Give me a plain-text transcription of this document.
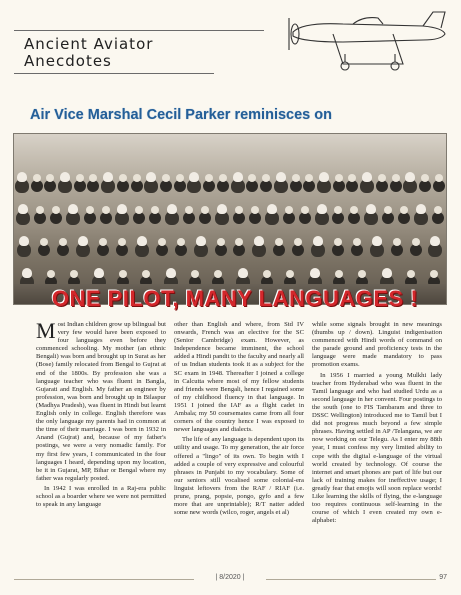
Ancient Aviator
Anecdotes
Air Vice Marshal Cecil Parker reminisces on
ONE PILOT, MANY LANGUAGES !

Most Indian children grow up bilingual but very few would have been exposed to four languages even before they commenced schooling. My mother (an ethnic Bengali) was born and brought up in Surat as her (Bose) family relocated from Bengal to Gujrat at end of the 1800s. By profession she was a language teacher who was fluent in Bangla, Gujarati and English. My father an engineer by profession, was born and brought up in Bilaspur (Madhya Pradesh), was fluent in Hindi but learnt English only in college. English therefore was the only language my parents had in common at the time of their marriage. I was born in 1932 in Anand (Gujrat) and, because of my father's postings, we were a very nomadic family. For my first few years, I communicated in the four languages I heard, depending upon my location, be it in Gujarat, MP, Bihar or Bengal where my father was regularly posted.

In 1942 I was enrolled in a Raj-era public school as a boarder where we were not permitted to speak in any language

other than English and where, from Std IV onwards, French was an elective for the SC (Senior Cambridge) exam. However, as Independence became imminent, the school added a Hindi pandit to the faculty and nearly all of us Indian students took it as a subject for the SC exam in 1948. Thereafter I joined a college in Calcutta where most of my fellow students and friends were Bengali, hence I regained some of my childhood fluency in that language. In 1951 I joined the IAF as a flight cadet in Ambala; my 50 coursemates came from all four corners of the country hence I was exposed to newer languages and dialects.

The life of any language is dependent upon its utility and usage. To my generation, the air force offered a "lingo" of its own. To begin with I added a couple of very expressive and colourful phrases in Punjabi to my vocabulary. Some of our seniors still vocalised some colonial-era linguist leftovers from the RAF / RIAF (i.e. prune, prang, popsie, pongo, gyfo and a few more that are unprintable); R/T natter added some new words (wilco, roger, angels et al)

while some signals brought in new meanings (thumbs up / down). Linguist indigenisation commenced with Hindi words of command on the parade ground and proficiency tests in the language were made mandatory to pass promotion exams.

In 1956 I married a young Mulkhi lady teacher from Hyderabad who was fluent in the Tamil language and who had studied Urdu as a second language in her convent. Four postings to the south (one to FIS Tambaram and three to DSSC Wellington) introduced me to Tamil but I did not progress much beyond a few simple phrases. Having settled in AP /Telangana, we are now working on our Telegu. As I enter my 88th year, I must confess my very limited ability to cope with the digital e-language of the virtual world created by technology. Of course the internet and smart phones are part of life but our lack of training makes for ineffective usage; I greatly fear that emojis will soon replace words! Like learning the skills of flying, the e-language too requires continuous self-learning in the course of which I even created my own e-alphabet:

| 8/2020 |	97
